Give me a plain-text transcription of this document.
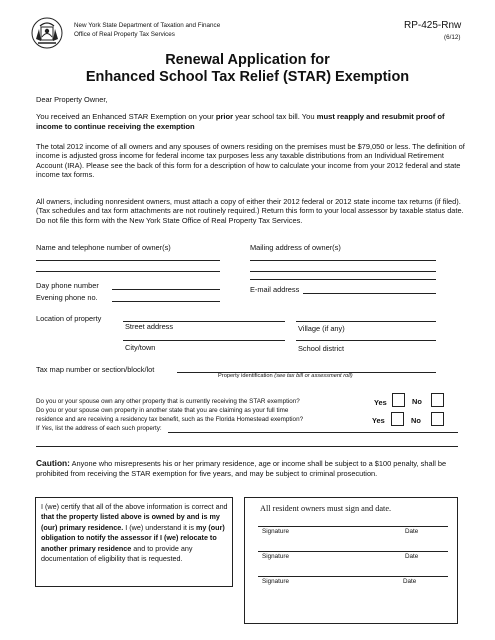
New York State Department of Taxation and Finance
Office of Real Property Tax Services
RP-425-Rnw
(6/12)
Renewal Application for
Enhanced School Tax Relief (STAR) Exemption
Dear Property Owner,
You received an Enhanced STAR Exemption on your prior year school tax bill. You must reapply and resubmit proof of income to continue receiving the exemption
The total 2012 income of all owners and any spouses of owners residing on the premises must be $79,050 or less. The definition of income is adjusted gross income for federal income tax purposes less any taxable distributions from an Individual Retirement Account (IRA). Please see the back of this form for a description of how to calculate your income from your 2012 federal and state income tax forms.
All owners, including nonresident owners, must attach a copy of either their 2012 federal or 2012 state income tax returns (if filed). (Tax schedules and tax form attachments are not routinely required.) Return this form to your local assessor by taxable status date. Do not file this form with the New York State Office of Real Property Tax Services.
Name and telephone number of owner(s)	Mailing address of owner(s)
Day phone number	E-mail address
Evening phone no.
Location of property
Street address	Village (if any)
City/town	School district
Tax map number or section/block/lot
Property identification (see tax bill or assessment roll)
Do you or your spouse own any other property that is currently receiving the STAR exemption?	Yes	No
Do you or your spouse own property in another state that you are claiming as your full time
residence and are receiving a residency tax benefit, such as the Florida Homestead exemption?	Yes	No
If Yes, list the address of each such property:
Caution: Anyone who misrepresents his or her primary residence, age or income shall be subject to a $100 penalty, shall be prohibited from receiving the STAR exemption for five years, and may be subject to criminal prosecution.
I (we) certify that all of the above information is correct and that the property listed above is owned by and is my (our) primary residence. I (we) understand it is my (our) obligation to notify the assessor if I (we) relocate to another primary residence and to provide any documentation of eligibility that is requested.
All resident owners must sign and date.
Signature	Date
Signature	Date
Signature	Date
